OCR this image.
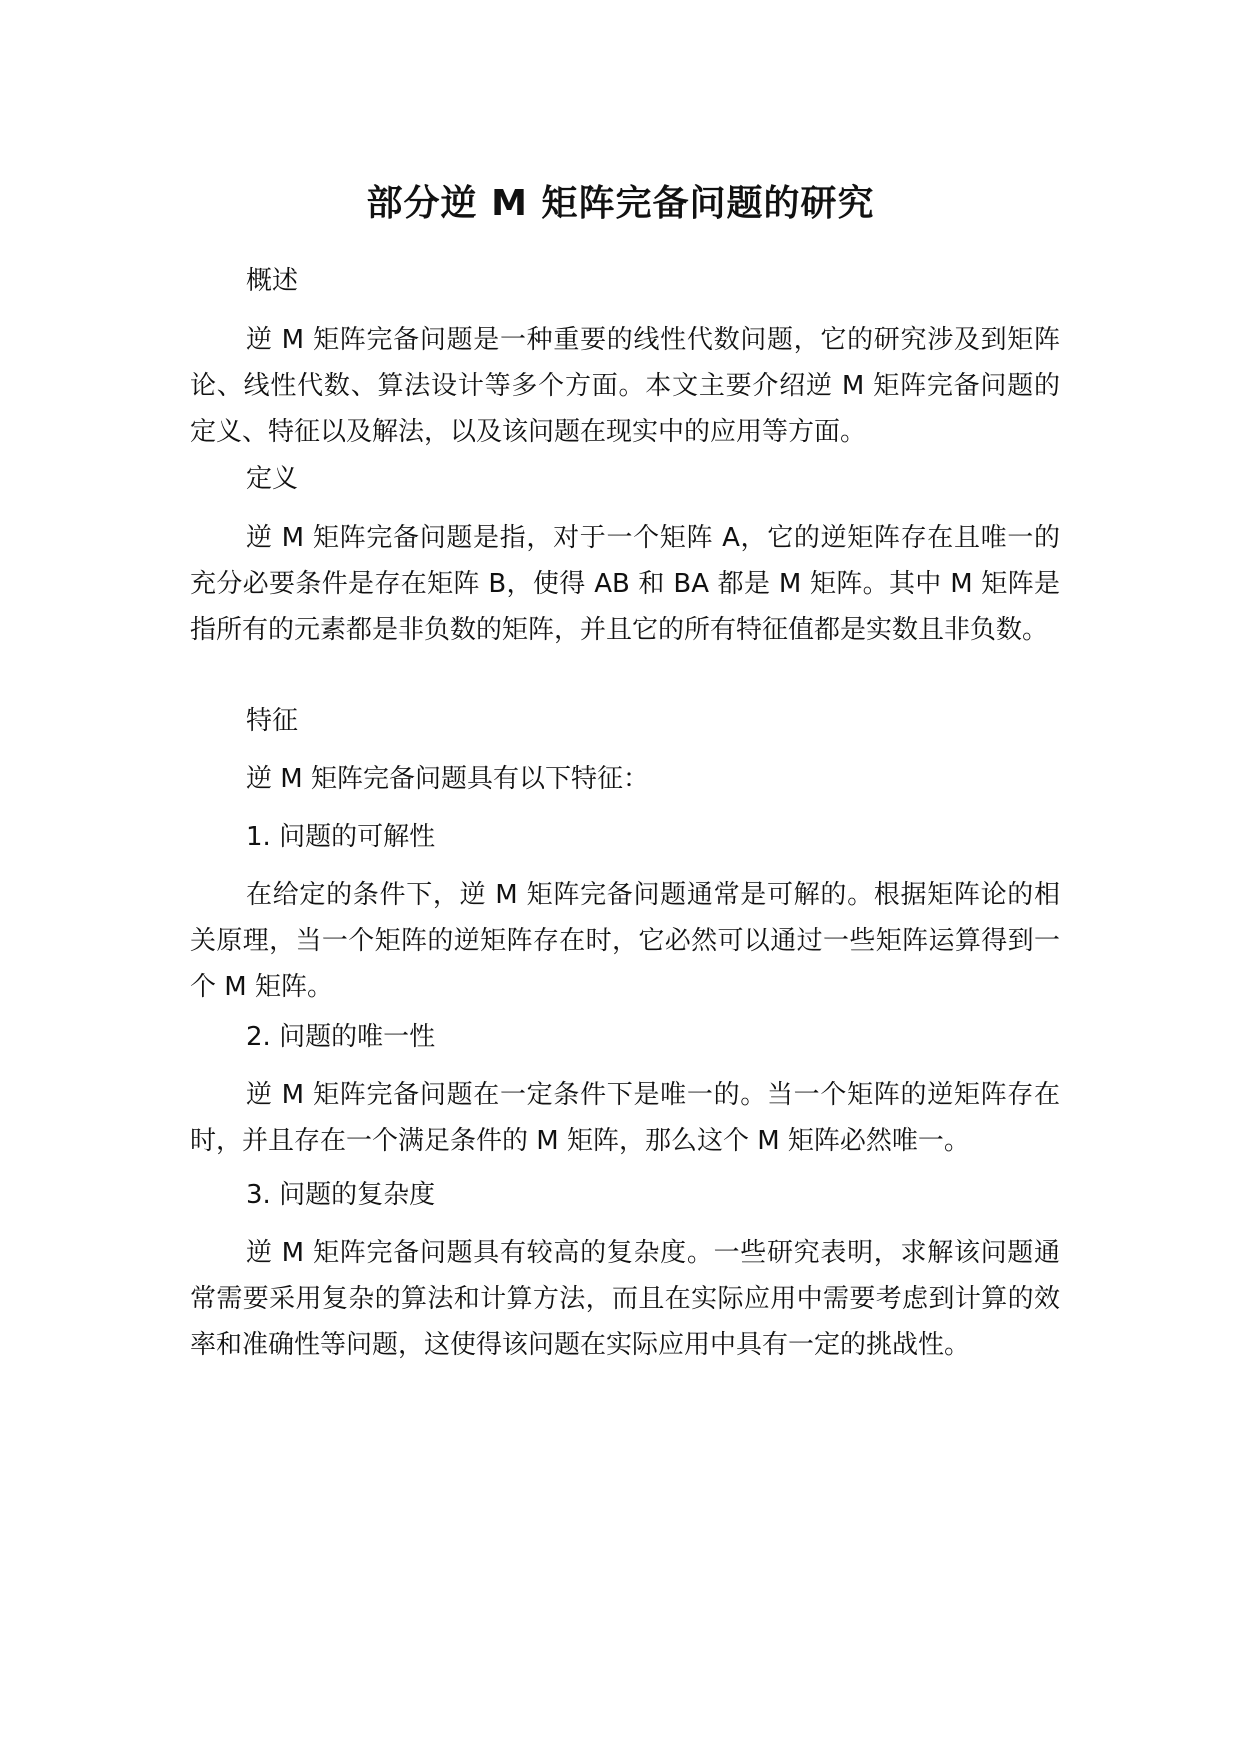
部分逆 M 矩阵完备问题的研究
概述
逆 M 矩阵完备问题是一种重要的线性代数问题，它的研究涉及到矩阵论、线性代数、算法设计等多个方面。本文主要介绍逆 M 矩阵完备问题的定义、特征以及解法，以及该问题在现实中的应用等方面。
定义
逆 M 矩阵完备问题是指，对于一个矩阵 A，它的逆矩阵存在且唯一的充分必要条件是存在矩阵 B，使得 AB 和 BA 都是 M 矩阵。其中 M 矩阵是指所有的元素都是非负数的矩阵，并且它的所有特征值都是实数且非负数。
特征
逆 M 矩阵完备问题具有以下特征：
1. 问题的可解性
在给定的条件下，逆 M 矩阵完备问题通常是可解的。根据矩阵论的相关原理，当一个矩阵的逆矩阵存在时，它必然可以通过一些矩阵运算得到一个 M 矩阵。
2. 问题的唯一性
逆 M 矩阵完备问题在一定条件下是唯一的。当一个矩阵的逆矩阵存在时，并且存在一个满足条件的 M 矩阵，那么这个 M 矩阵必然唯一。
3. 问题的复杂度
逆 M 矩阵完备问题具有较高的复杂度。一些研究表明，求解该问题通常需要采用复杂的算法和计算方法，而且在实际应用中需要考虑到计算的效率和准确性等问题，这使得该问题在实际应用中具有一定的挑战性。
